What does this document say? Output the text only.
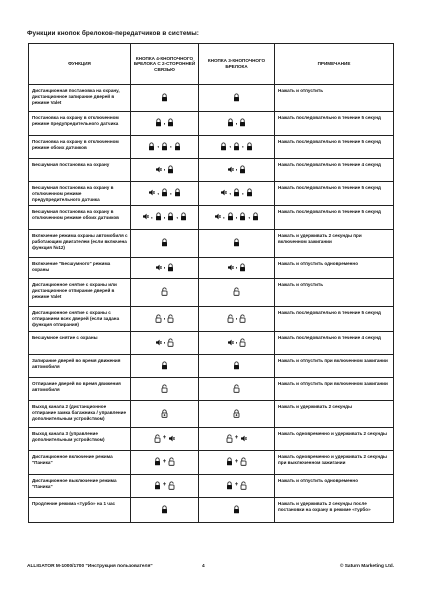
Функции кнопок брелоков-передатчиков в системы:
ФУНКЦИЯ	КНОПКА 4-КНОПОЧНОГО БРЕЛОКА С 2-СТОРОННЕЙ СВЯЗЬЮ	КНОПКА 3-КНОПОЧНОГО БРЕЛОКА	ПРИМЕЧАНИЕ
Дистанционная постановка на охрану, дистанционное запирание дверей в режиме Valet			Нажать и отпустить
Постановка на охрану в отключенном режиме предупредительного датчика	,	,	Нажать последовательно в течение 5 секунд
Постановка на охрану в отключенном режиме обоих датчиков	, ,	, ,	Нажать последовательно в течение 5 секунд
Бесшумная постановка на охрану	,	,	Нажать последовательно в течение 4 секунд
Бесшумная постановка на охрану в отключенном режиме предупредительного датчика	, ,	, ,	Нажать последовательно в течение 5 секунд
Бесшумная постановка на охрану в отключенном режиме обоих датчиков	, , ,	, , ,	Нажать последовательно в течение 5 секунд
Включение режима охраны автомобиля с работающим двигателем (если включена функция №12)			Нажать и удерживать 2 секунды при включенном зажигании
Включение "Бесшумного" режима охраны	,	,	Нажать и отпустить одновременно
Дистанционное снятие с охраны или дистанционное отпирание дверей в режиме Valet			Нажать и отпустить
Дистанционное снятие с охраны с отпиранием всех дверей (если задана функция отпирания)	,	,	Нажать последовательно в течение 5 секунд
Бесшумное снятие с охраны	,	,	Нажать последовательно в течение 4 секунд
Запирание дверей во время движения автомобиля			Нажать и отпустить при включенном зажигании
Отпирание дверей во время движения автомобиля			Нажать и отпустить при включенном зажигании
Выход канала 2 (дистанционное отпирание замка багажника / управление дополнительным устройством)			Нажать и удерживать 2 секунды
Выход канала 3 (управление дополнительным устройством)	+	+	Нажать одновременно и удерживать 2 секунды
Дистанционное включение режима "Паника"	+	+	Нажать одновременно и удерживать 2 секунды при выключенном зажигании
Дистанционное выключение режима "Паника"	+	+	Нажать и отпустить одновременно
Продление режима «турбо» на 1 час			Нажать и удерживать 2 секунды после постановки на охрану в режиме «турбо»
ALLIGATOR M-1000/1700 "Инструкция пользователя"	4	© Saturn Marketing Ltd.
